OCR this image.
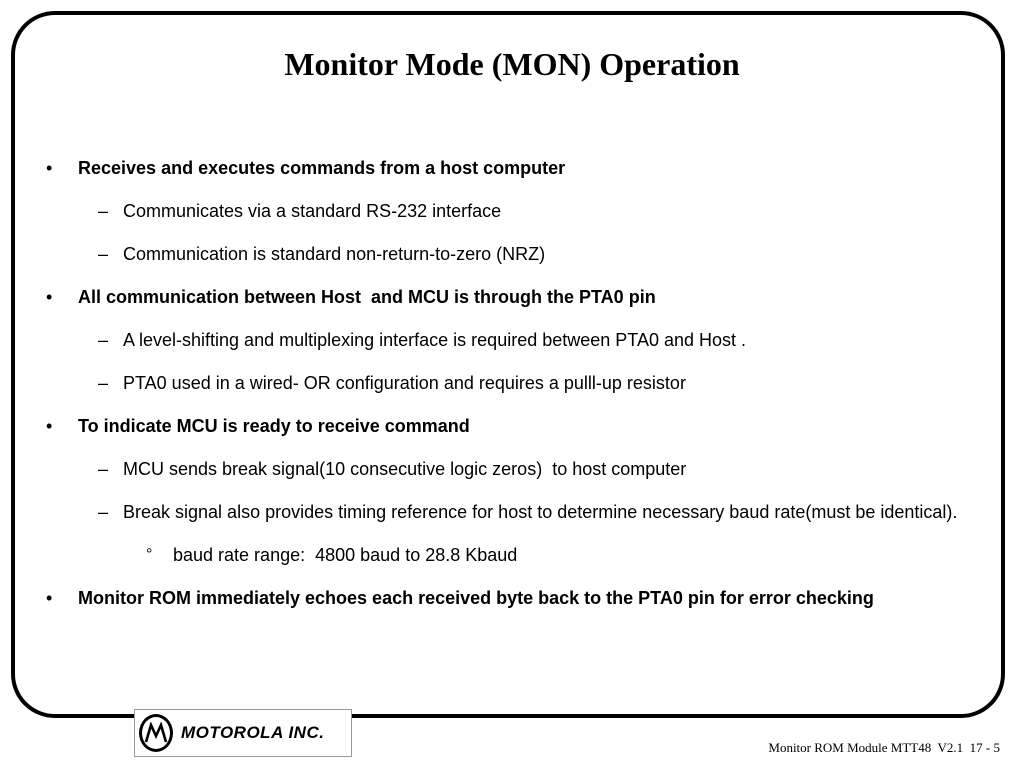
Monitor Mode (MON) Operation
• Receives and executes commands from a host computer
– Communicates via a standard RS-232 interface
– Communication is standard non-return-to-zero (NRZ)
• All communication between Host  and MCU is through the PTA0 pin
– A level-shifting and multiplexing interface is required between PTA0 and Host .
– PTA0 used in a wired- OR configuration and requires a pulll-up resistor
• To indicate MCU is ready to receive command
– MCU sends break signal(10 consecutive logic zeros)  to host computer
– Break signal also provides timing reference for host to determine necessary baud rate(must be identical).
° baud rate range:  4800 baud to 28.8 Kbaud
• Monitor ROM immediately echoes each received byte back to the PTA0 pin for error checking
MOTOROLA INC.
Monitor ROM Module MTT48  V2.1  17 - 5
